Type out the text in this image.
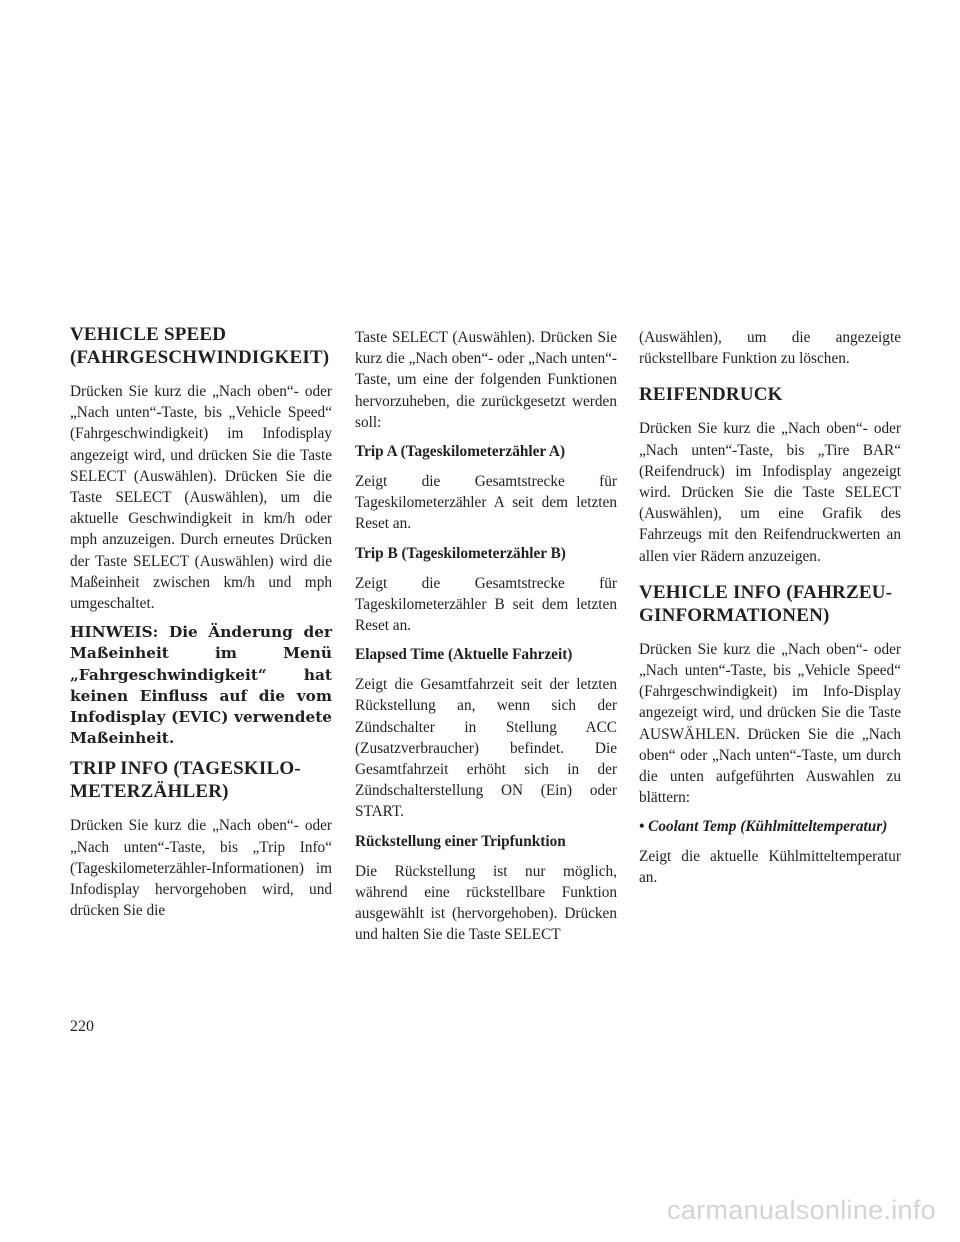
VEHICLE SPEED
(FAHRGESCHWINDIGKEIT)

Drücken Sie kurz die „Nach oben“- oder „Nach unten“-Taste, bis „Vehicle Speed“ (Fahrgeschwindigkeit) im Infodisplay angezeigt wird, und drücken Sie die Taste SELECT (Auswählen). Drücken Sie die Taste SELECT (Auswählen), um die aktuelle Geschwindigkeit in km/h oder mph anzuzeigen. Durch erneutes Drücken der Taste SELECT (Auswählen) wird die Maßeinheit zwischen km/h und mph umgeschaltet.

HINWEIS: Die Änderung der Maßeinheit im Menü „Fahrgeschwindigkeit“ hat keinen Einfluss auf die vom Infodisplay (EVIC) verwendete Maßeinheit.

TRIP INFO (TAGESKILO-
METERZÄHLER)

Drücken Sie kurz die „Nach oben“- oder „Nach unten“-Taste, bis „Trip Info“ (Tageskilometerzähler-Informationen) im Infodisplay hervorgehoben wird, und drücken Sie die

Taste SELECT (Auswählen). Drücken Sie kurz die „Nach oben“- oder „Nach unten“-Taste, um eine der folgenden Funktionen hervorzuheben, die zurückgesetzt werden soll:

Trip A (Tageskilometerzähler A)

Zeigt die Gesamtstrecke für Tageskilometerzähler A seit dem letzten Reset an.

Trip B (Tageskilometerzähler B)

Zeigt die Gesamtstrecke für Tageskilometerzähler B seit dem letzten Reset an.

Elapsed Time (Aktuelle Fahrzeit)

Zeigt die Gesamtfahrzeit seit der letzten Rückstellung an, wenn sich der Zündschalter in Stellung ACC (Zusatzverbraucher) befindet. Die Gesamtfahrzeit erhöht sich in der Zündschalterstellung ON (Ein) oder START.

Rückstellung einer Tripfunktion

Die Rückstellung ist nur möglich, während eine rückstellbare Funktion ausgewählt ist (hervorgehoben). Drücken und halten Sie die Taste SELECT

(Auswählen), um die angezeigte rückstellbare Funktion zu löschen.

REIFENDRUCK

Drücken Sie kurz die „Nach oben“- oder „Nach unten“-Taste, bis „Tire BAR“ (Reifendruck) im Infodisplay angezeigt wird. Drücken Sie die Taste SELECT (Auswählen), um eine Grafik des Fahrzeugs mit den Reifendruckwerten an allen vier Rädern anzuzeigen.

VEHICLE INFO (FAHRZEU-
GINFORMATIONEN)

Drücken Sie kurz die „Nach oben“- oder „Nach unten“-Taste, bis „Vehicle Speed“ (Fahrgeschwindigkeit) im Info-Display angezeigt wird, und drücken Sie die Taste AUSWÄHLEN. Drücken Sie die „Nach oben“ oder „Nach unten“-Taste, um durch die unten aufgeführten Auswahlen zu blättern:

• Coolant Temp (Kühlmitteltemperatur)

Zeigt die aktuelle Kühlmitteltemperatur an.

220
carmanualsonline.info
